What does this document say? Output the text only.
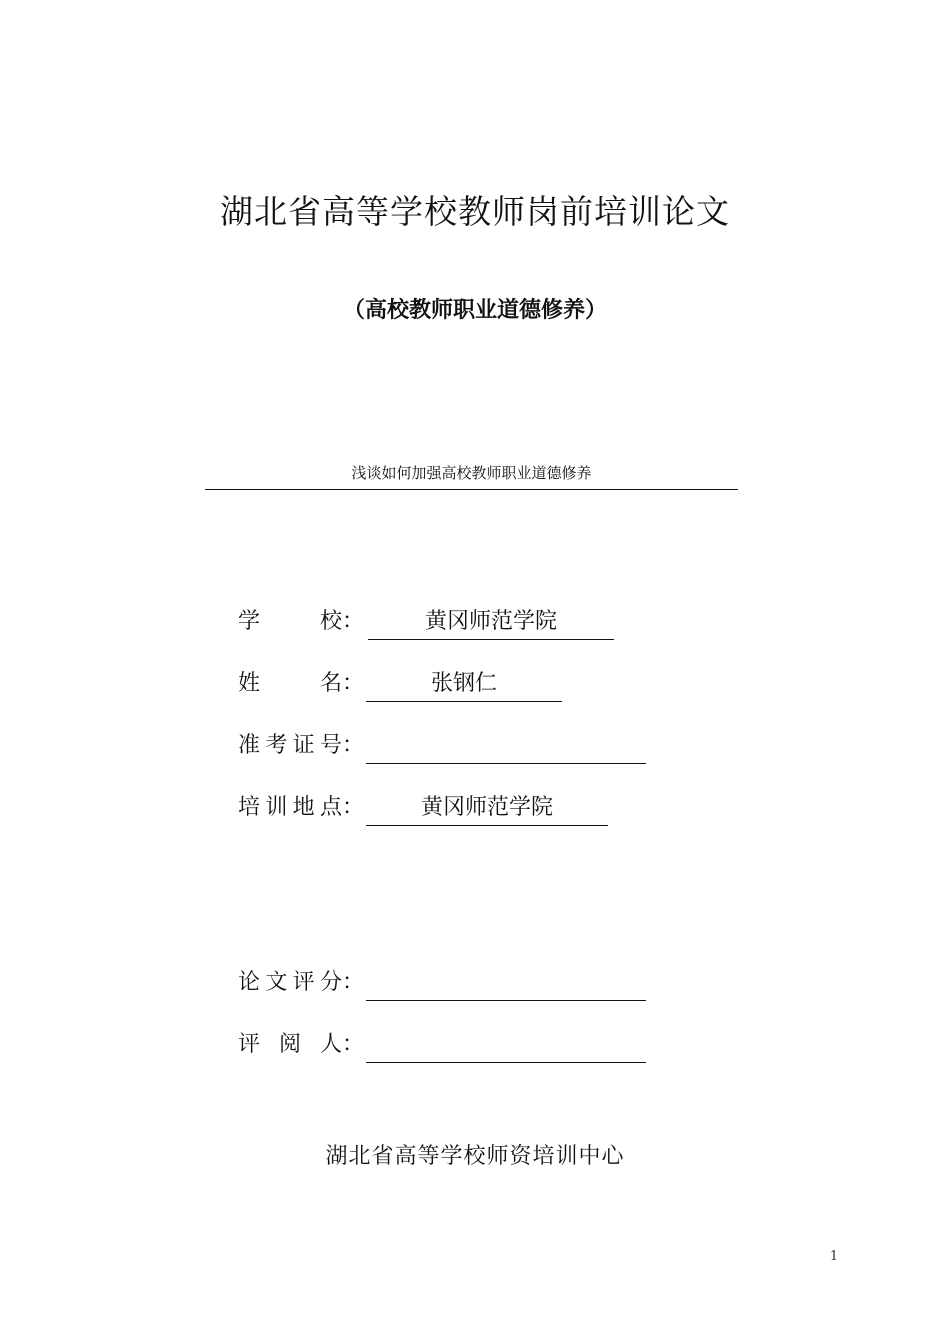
湖北省高等学校教师岗前培训论文
（高校教师职业道德修养）
浅谈如何加强高校教师职业道德修养
学	校 ：	黄冈师范学院
姓	名 ：	张钢仁
准 考 证 号 ：
培 训 地 点 ：	黄冈师范学院
论 文 评 分 ：
评 阅 人 ：
湖北省高等学校师资培训中心
1
